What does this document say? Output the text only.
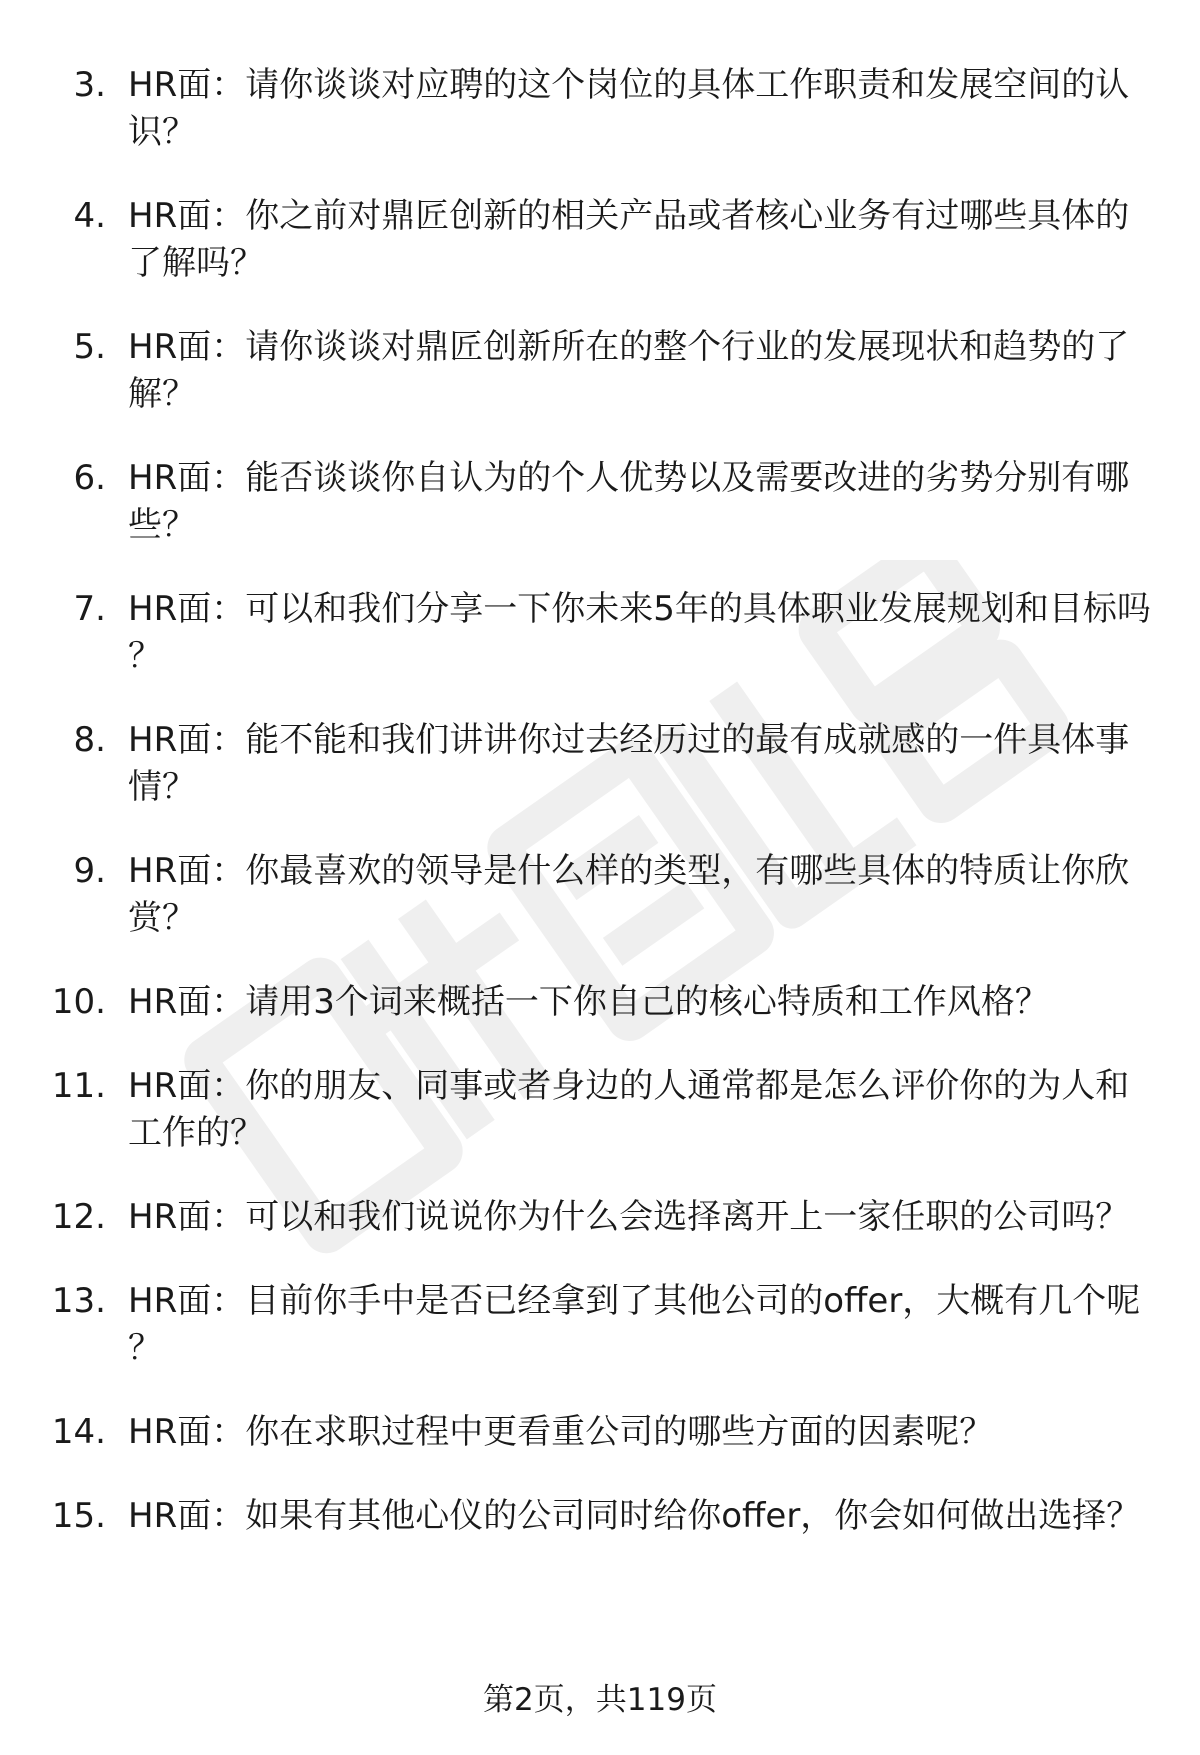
3. HR面：请你谈谈对应聘的这个岗位的具体工作职责和发展空间的认识？
4. HR面：你之前对鼎匠创新的相关产品或者核心业务有过哪些具体的了解吗？
5. HR面：请你谈谈对鼎匠创新所在的整个行业的发展现状和趋势的了解？
6. HR面：能否谈谈你自认为的个人优势以及需要改进的劣势分别有哪些？
7. HR面：可以和我们分享一下你未来5年的具体职业发展规划和目标吗？
8. HR面：能不能和我们讲讲你过去经历过的最有成就感的一件具体事情？
9. HR面：你最喜欢的领导是什么样的类型，有哪些具体的特质让你欣赏？
10. HR面：请用3个词来概括一下你自己的核心特质和工作风格？
11. HR面：你的朋友、同事或者身边的人通常都是怎么评价你的为人和工作的？
12. HR面：可以和我们说说你为什么会选择离开上一家任职的公司吗？
13. HR面：目前你手中是否已经拿到了其他公司的offer，大概有几个呢？
14. HR面：你在求职过程中更看重公司的哪些方面的因素呢？
15. HR面：如果有其他心仪的公司同时给你offer，你会如何做出选择？
第2页，共119页
